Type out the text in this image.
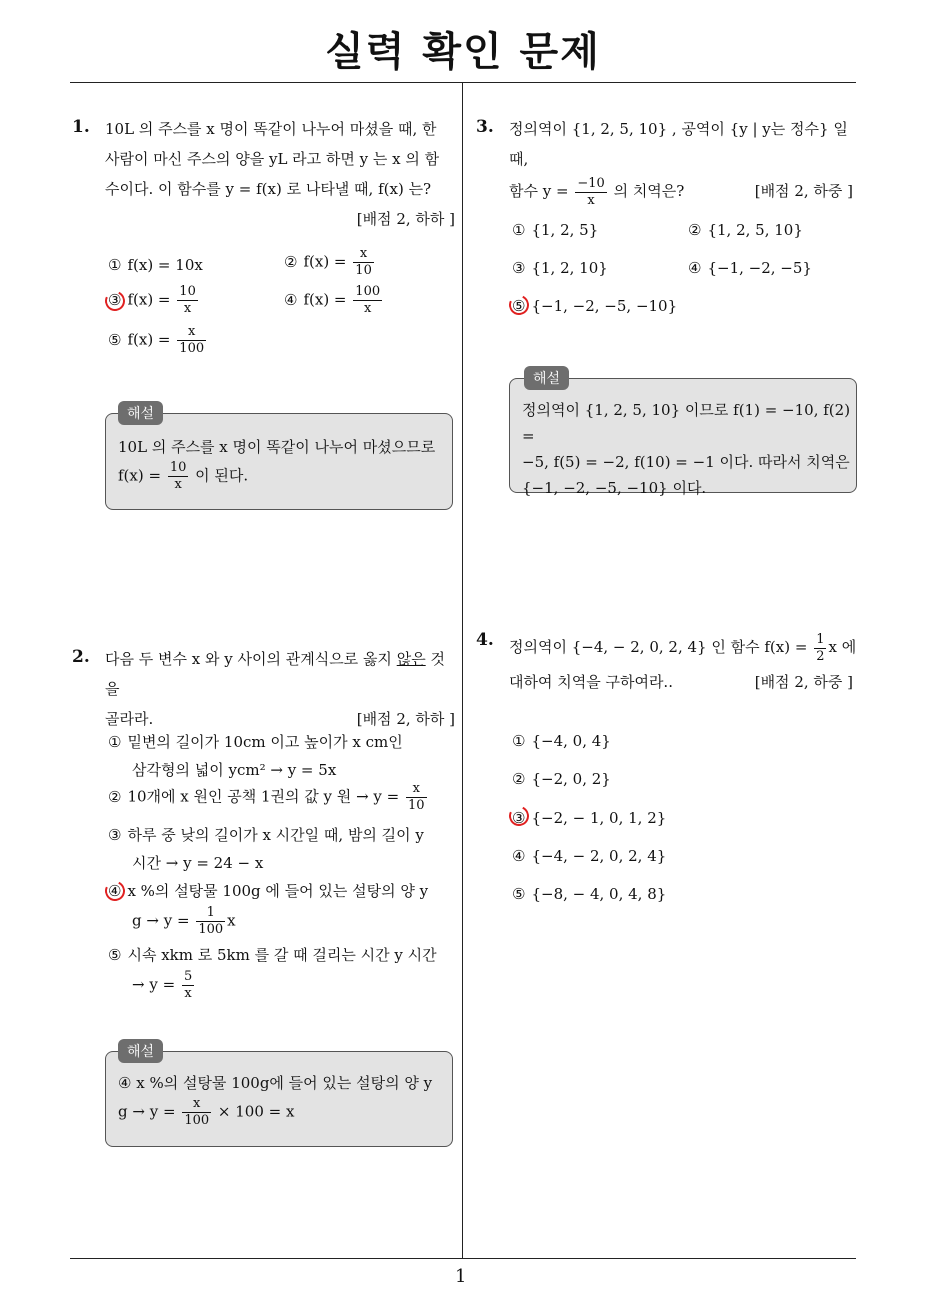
실력 확인 문제
1
1. 10L 의 주스를 x 명이 똑같이 나누어 마셨을 때, 한
사람이 마신 주스의 양을 yL 라고 하면 y 는 x 의 함
수이다. 이 함수를 y = f(x) 로 나타낼 때, f(x) 는?
[배점 2, 하하 ]
① f(x) = 10x	② $f(x) = \frac{x}{10}$
③ $f(x) = \frac{10}{x}$	④ $f(x) = \frac{100}{x}$
⑤ $f(x) = \frac{x}{100}$
10L 의 주스를 x 명이 똑같이 나누어 마셨으므로
$f(x) = \frac{10}{x}$ 이 된다.
해설
2. 다음 두 변수 x 와 y 사이의 관계식으로 옳지 않은 것을
골라라.	[배점 2, 하하 ]
① 밑변의 길이가 10cm 이고 높이가 x cm인
삼각형의 넓이 ycm² → y = 5x
② 10개에 x 원인 공책 1권의 값 y 원 → $y = \frac{x}{10}$
③ 하루 중 낮의 길이가 x 시간일 때, 밤의 길이 y
시간 → y = 24 − x
④ x %의 설탕물 100g 에 들어 있는 설탕의 양 y
$g \to y = \frac{1}{100}$ x
⑤ 시속 xkm 로 5km 를 갈 때 걸리는 시간 y 시간
→ $y = \frac{5}{x}$
④ x %의 설탕물 100g에 들어 있는 설탕의 양 y
$g \to y = \frac{x}{100} \times 100 = x$
해설
3. 정의역이 {1, 2, 5, 10} , 공역이 {y | y는 정수} 일 때,
함수 $y = \frac{-10}{x}$ 의 치역은?	[배점 2, 하중 ]
① {1, 2, 5}	② {1, 2, 5, 10}
③ {1, 2, 10}	④ {−1, −2, −5}
⑤ {−1, −2, −5, −10}
정의역이 {1, 2, 5, 10} 이므로 f(1) = −10, f(2) =
−5, f(5) = −2, f(10) = −1 이다. 따라서 치역은
{−1, −2, −5, −10} 이다.
해설
4. 정의역이 {−4, − 2, 0, 2, 4} 인 함수 $f(x) = \frac{1}{2}$ x 에
대하여 치역을 구하여라..	[배점 2, 하중 ]
① {−4, 0, 4}
② {−2, 0, 2}
③ {−2, − 1, 0, 1, 2}
④ {−4, − 2, 0, 2, 4}
⑤ {−8, − 4, 0, 4, 8}
